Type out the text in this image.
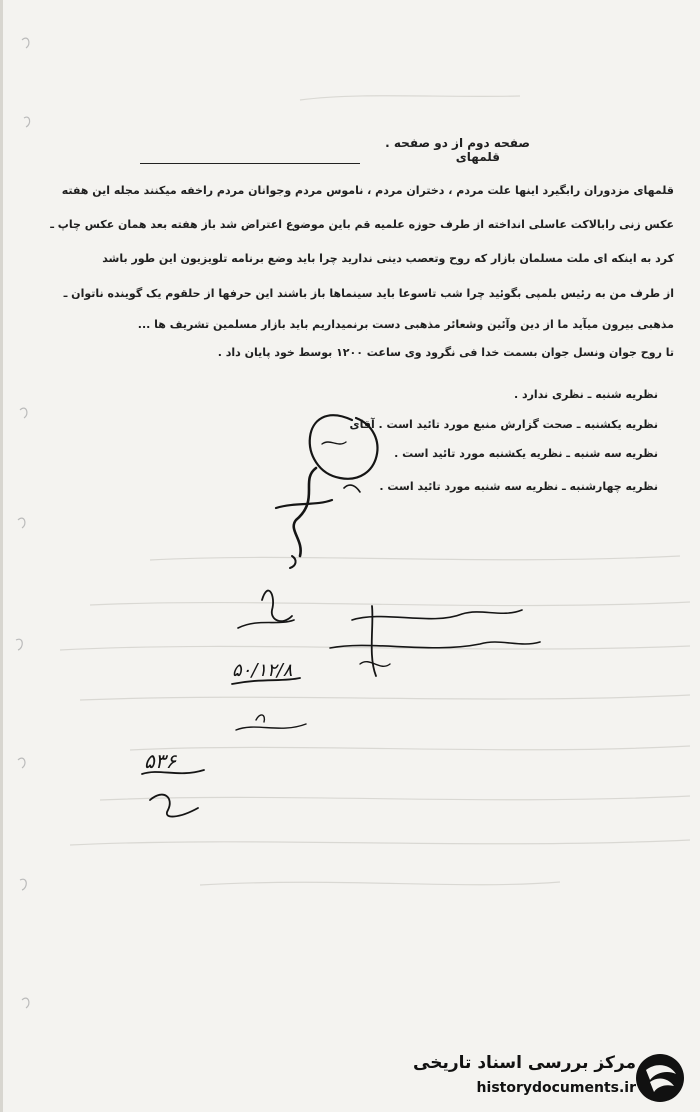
صفحه دوم از دو صفحه .
قلمهای
قلمهای مزدوران رابگیرد اینها علت مردم ، دختران مردم ، ناموس مردم وجوانان مردم راخفه میکنند مجله این هفته
عکس زنی رابالاکت عاسلی انداخته از طرف حوزه علمیه قم باین موضوع اعتراض شد باز هفته بعد همان عکس چاپ ـ
کرد به اینکه ای ملت مسلمان بازار که روح وتعصب دینی ندارید چرا باید وضع برنامه تلویزیون این طور باشد
از طرف من به رئیس بلمپی بگوئید چرا شب تاسوعا باید سینماها باز باشند این حرفها از حلقوم یک گوینده ناتوان ـ
مذهبی بیرون میآید ما از دین وآئین وشعائر مذهبی دست برنمیداریم باید بازار مسلمین تشریف ها ...
تا روح جوان ونسل جوان بسمت خدا فی نگرود وی ساعت ۱۲۰۰ بوسط خود پایان داد .
نظریه شنبه ـ نظری ندارد .
نظریه یکشنبه ـ صحت گزارش منبع مورد تائید است . آقای
نظریه سه شنبه ـ نظریه یکشنبه مورد تائید است .
نظریه چهارشنبه ـ نظریه سه شنبه مورد تائید است .
۵۰/۱۲/۸
۵۳۶
مرکز بررسی اسناد تاریخی
historydocuments.ir
